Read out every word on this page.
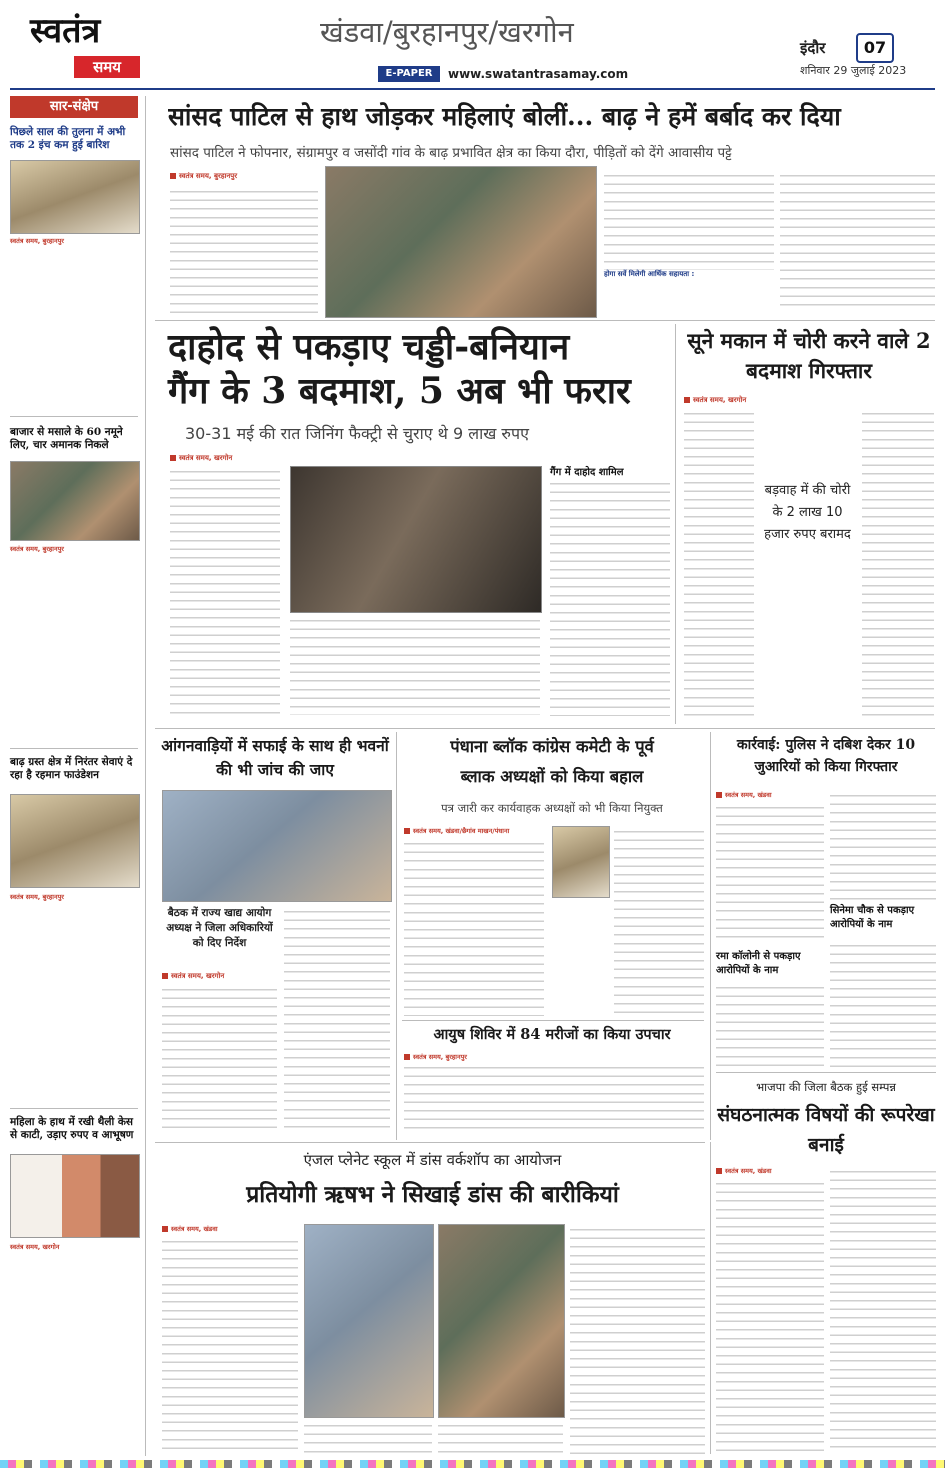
स्वतंत्र
समय
खंडवा/बुरहानपुर/खरगोन
E-PAPER	www.swatantrasamay.com
इंदौर	07
शनिवार 29 जुलाई 2023
सार-संक्षेप
पिछले साल की तुलना में अभी तक 2 इंच कम हुई बारिश
स्वतंत्र समय, बुरहानपुर

बाजार से मसाले के 60 नमूने लिए, चार अमानक निकले
स्वतंत्र समय, बुरहानपुर
बाढ़ ग्रस्त क्षेत्र में निरंतर सेवाएं दे रहा है रहमान फाउंडेशन
स्वतंत्र समय, बुरहानपुर
महिला के हाथ में रखी थैली केस से काटी, उड़ाए रुपए व आभूषण
स्वतंत्र समय, खरगोन
सांसद पाटिल से हाथ जोड़कर महिलाएं बोलीं... बाढ़ ने हमें बर्बाद कर दिया
सांसद पाटिल ने फोपनार, संग्रामपुर व जसोंदी गांव के बाढ़ प्रभावित क्षेत्र का किया दौरा, पीड़ितों को देंगे आवासीय पट्टे
स्वतंत्र समय, बुरहानपुर
होगा सर्वे मिलेगी आर्थिक सहायता :
दाहोद से पकड़ाए चड्डी-बनियान
गैंग के 3 बदमाश, 5 अब भी फरार
30-31 मई की रात जिनिंग फैक्ट्री से चुराए थे 9 लाख रुपए
स्वतंत्र समय, खरगोन
गैंग में दाहोद शामिल
सूने मकान में चोरी करने वाले 2 बदमाश गिरफ्तार
स्वतंत्र समय, खरगोन
बड़वाह में की चोरी के 2 लाख 10 हजार रुपए बरामद
आंगनवाड़ियों में सफाई के साथ ही भवनों की भी जांच की जाए
बैठक में राज्य खाद्य आयोग अध्यक्ष ने जिला अधिकारियों को दिए निर्देश
स्वतंत्र समय, खरगोन
पंधाना ब्लॉक कांग्रेस कमेटी के पूर्व
ब्लाक अध्यक्षों को किया बहाल
पत्र जारी कर कार्यवाहक अध्यक्षों को भी किया नियुक्त
स्वतंत्र समय, खंडवा/छैगांव माखन/पंधाना
आयुष शिविर में 84 मरीजों का किया उपचार
स्वतंत्र समय, बुरहानपुर
कार्रवाई: पुलिस ने दबिश देकर 10 जुआरियों को किया गिरफ्तार
स्वतंत्र समय, खंडवा
सिनेमा चौक से पकड़ाए आरोपियों के नाम
रमा कॉलोनी से पकड़ाए आरोपियों के नाम
भाजपा की जिला बैठक हुई सम्पन्न
संघठनात्मक विषयों की रूपरेखा बनाई
स्वतंत्र समय, खंडवा
एंजल प्लेनेट स्कूल में डांस वर्कशॉप का आयोजन
प्रतियोगी ऋषभ ने सिखाई डांस की बारीकियां
स्वतंत्र समय, खंडवा
